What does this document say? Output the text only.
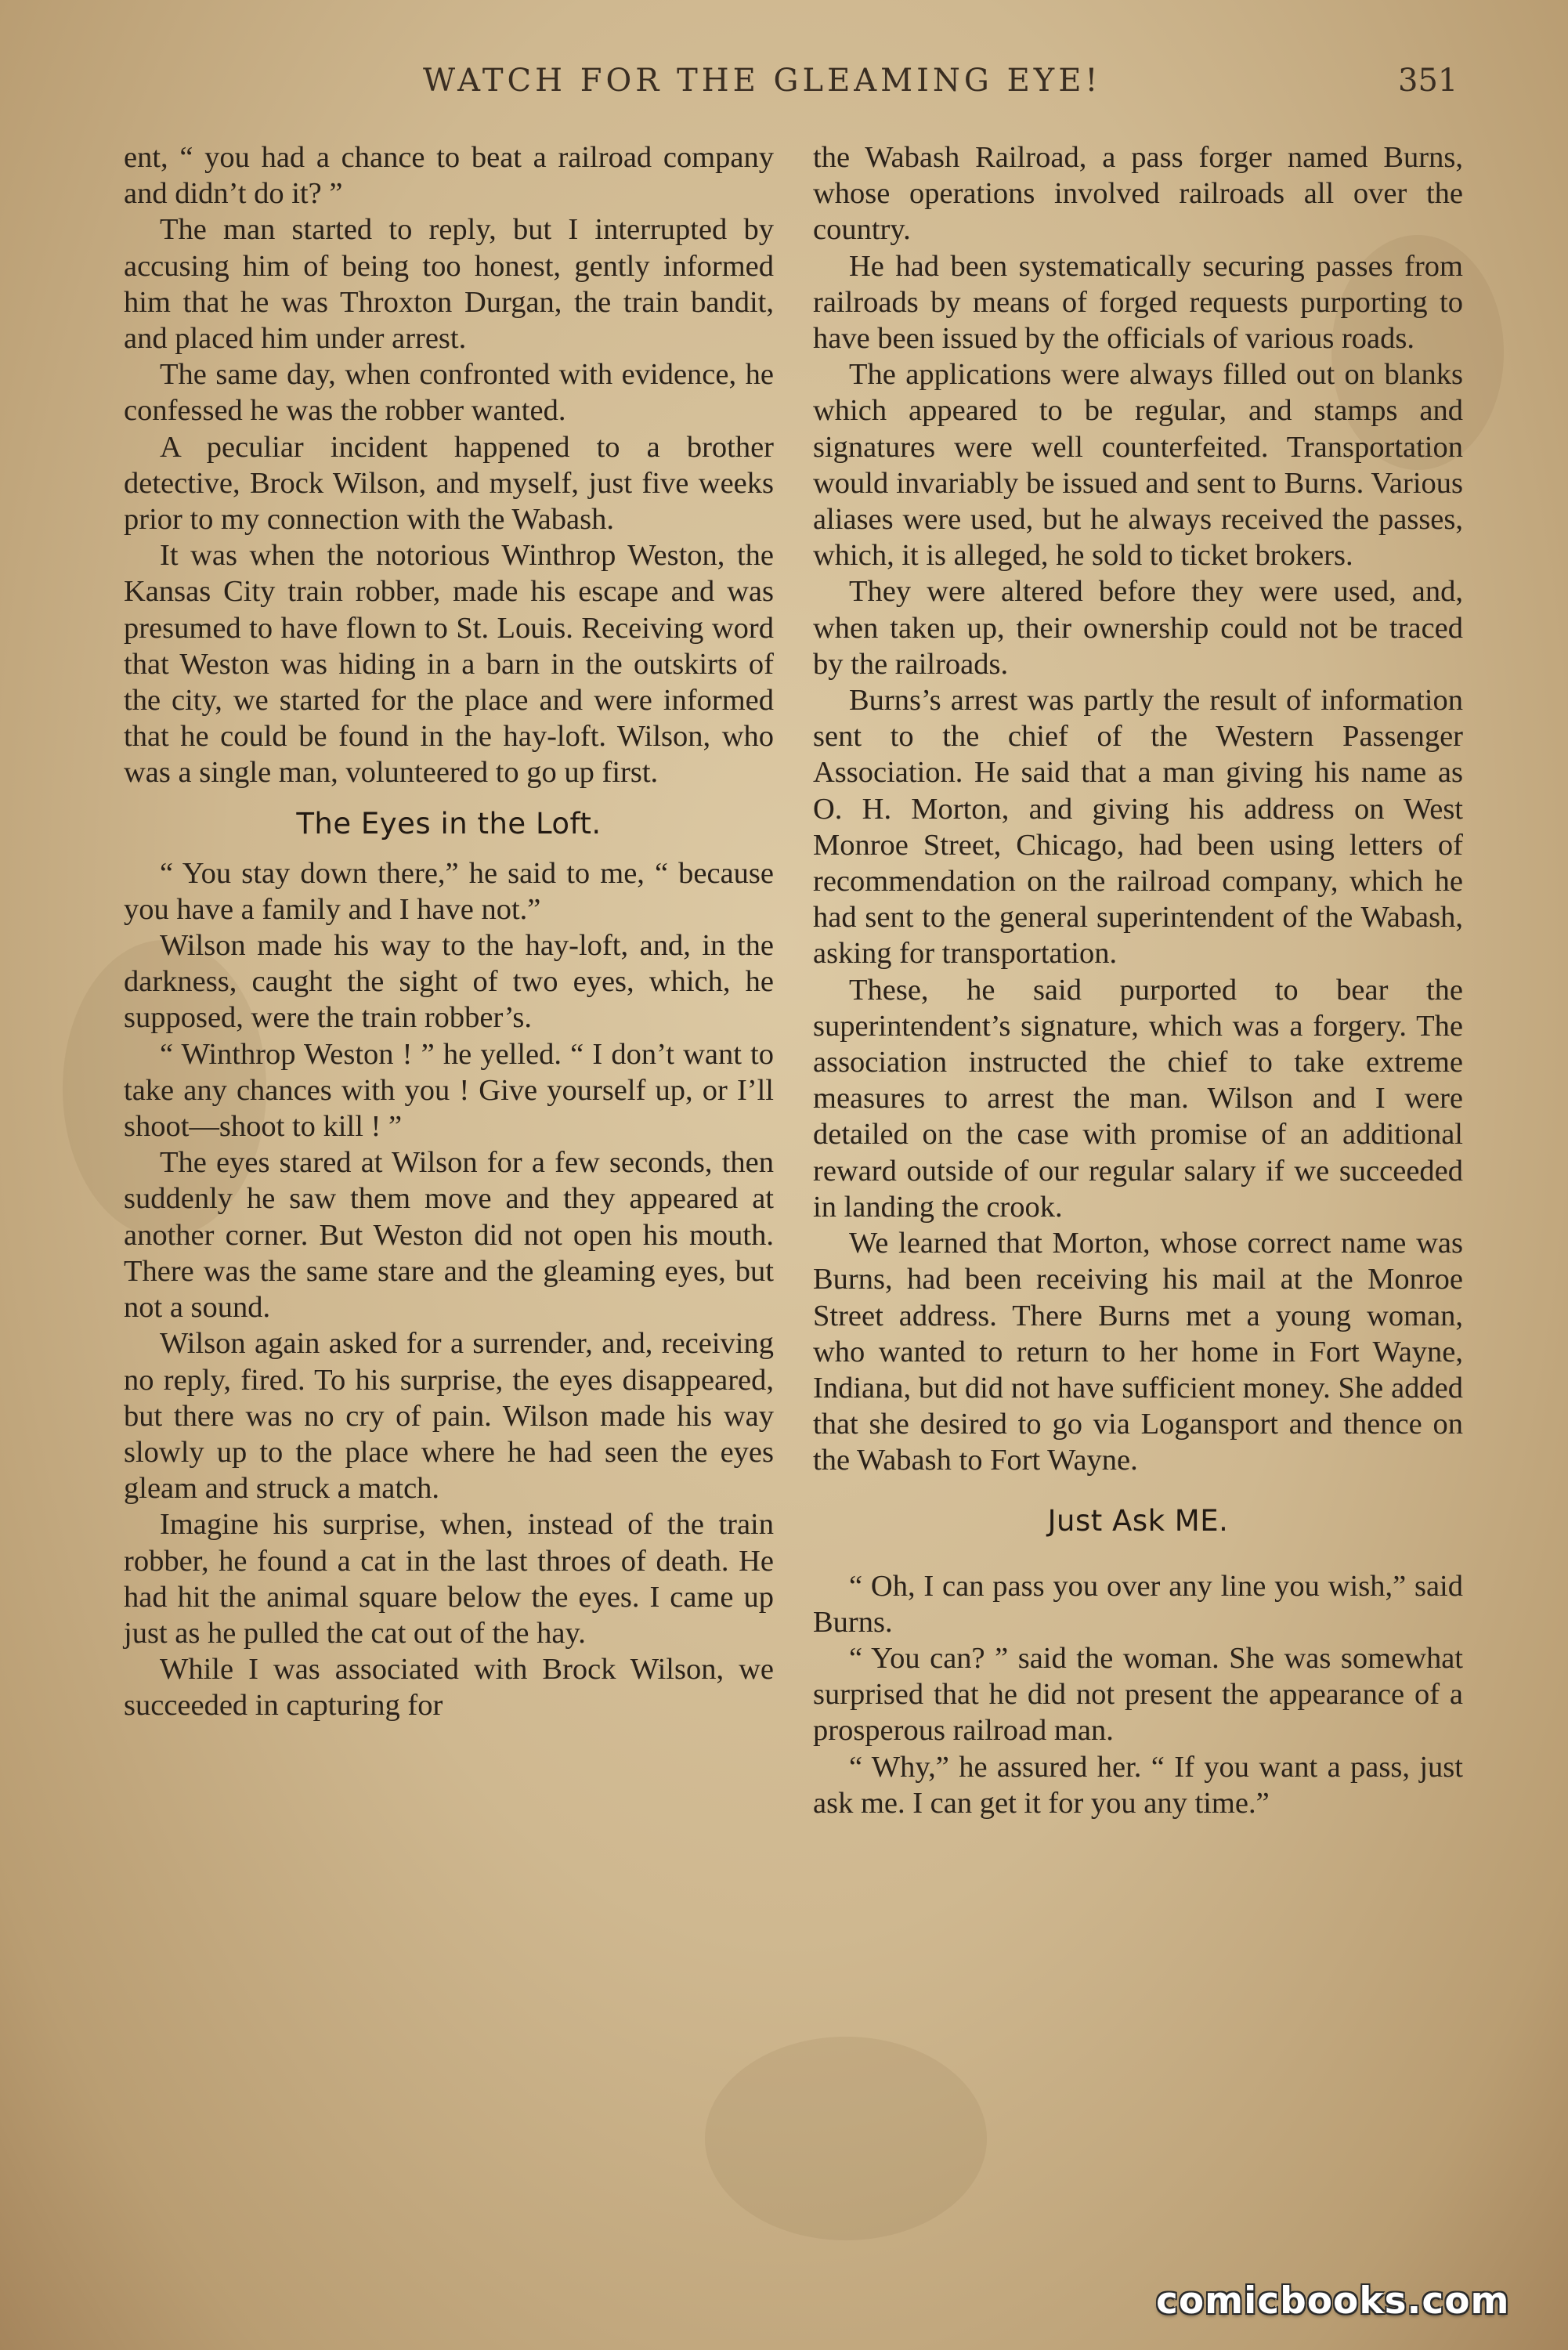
WATCH FOR THE GLEAMING EYE!	351

ent, “ you had a chance to beat a railroad company and didn’t do it? ”

The man started to reply, but I interrupted by accusing him of being too honest, gently informed him that he was Throxton Durgan, the train bandit, and placed him under arrest.

The same day, when confronted with evidence, he confessed he was the robber wanted.

A peculiar incident happened to a brother detective, Brock Wilson, and myself, just five weeks prior to my connection with the Wabash.

It was when the notorious Winthrop Weston, the Kansas City train robber, made his escape and was presumed to have flown to St. Louis. Receiving word that Weston was hiding in a barn in the outskirts of the city, we started for the place and were informed that he could be found in the hay-loft. Wilson, who was a single man, volunteered to go up first.

The Eyes in the Loft.

“ You stay down there,” he said to me, “ because you have a family and I have not.”

Wilson made his way to the hay-loft, and, in the darkness, caught the sight of two eyes, which, he supposed, were the train robber’s.

“ Winthrop Weston ! ” he yelled. “ I don’t want to take any chances with you ! Give yourself up, or I’ll shoot—shoot to kill ! ”

The eyes stared at Wilson for a few seconds, then suddenly he saw them move and they appeared at another corner. But Weston did not open his mouth. There was the same stare and the gleaming eyes, but not a sound.

Wilson again asked for a surrender, and, receiving no reply, fired. To his surprise, the eyes disappeared, but there was no cry of pain. Wilson made his way slowly up to the place where he had seen the eyes gleam and struck a match.

Imagine his surprise, when, instead of the train robber, he found a cat in the last throes of death. He had hit the animal square below the eyes. I came up just as he pulled the cat out of the hay.

While I was associated with Brock Wilson, we succeeded in capturing for

the Wabash Railroad, a pass forger named Burns, whose operations involved railroads all over the country.

He had been systematically securing passes from railroads by means of forged requests purporting to have been issued by the officials of various roads.

The applications were always filled out on blanks which appeared to be regular, and stamps and signatures were well counterfeited. Transportation would invariably be issued and sent to Burns. Various aliases were used, but he always received the passes, which, it is alleged, he sold to ticket brokers.

They were altered before they were used, and, when taken up, their ownership could not be traced by the railroads.

Burns’s arrest was partly the result of information sent to the chief of the Western Passenger Association. He said that a man giving his name as O. H. Morton, and giving his address on West Monroe Street, Chicago, had been using letters of recommendation on the railroad company, which he had sent to the general superintendent of the Wabash, asking for transportation.

These, he said purported to bear the superintendent’s signature, which was a forgery. The association instructed the chief to take extreme measures to arrest the man. Wilson and I were detailed on the case with promise of an additional reward outside of our regular salary if we succeeded in landing the crook.

We learned that Morton, whose correct name was Burns, had been receiving his mail at the Monroe Street address. There Burns met a young woman, who wanted to return to her home in Fort Wayne, Indiana, but did not have sufficient money. She added that she desired to go via Logansport and thence on the Wabash to Fort Wayne.

Just Ask ME.

“ Oh, I can pass you over any line you wish,” said Burns.

“ You can? ” said the woman. She was somewhat surprised that he did not present the appearance of a prosperous railroad man.

“ Why,” he assured her. “ If you want a pass, just ask me. I can get it for you any time.”

comicbooks.com
